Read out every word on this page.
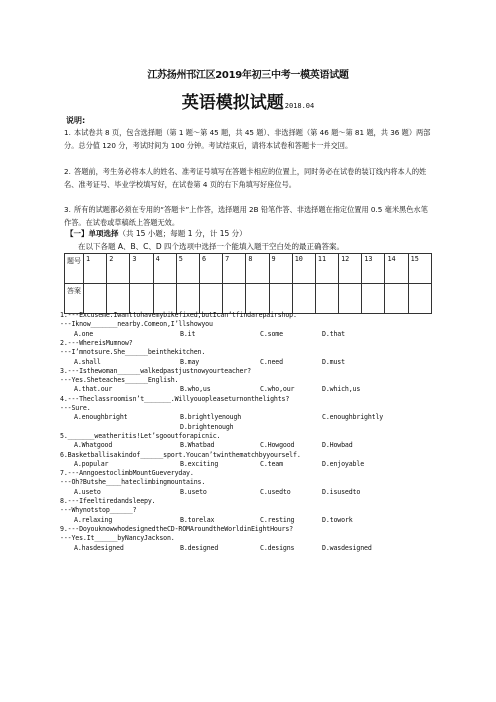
江苏扬州邗江区2019年初三中考一模英语试题
英语模拟试题2018.04
说明:
1. 本试卷共 8 页，包含选择题（第 1 题～第 45 题，共 45 题）、非选择题（第 46 题～第 81 题，共 36 题）两部分。总分值 120 分，考试时间为 100 分钟。考试结束后，请将本试卷和答题卡一并交回。
2. 答题前，考生务必将本人的姓名、准考证号填写在答题卡相应的位置上，同时务必在试卷的装订线内将本人的姓名、准考证号、毕业学校填写好，在试卷第 4 页的右下角填写好座位号。
3. 所有的试题都必须在专用的“答题卡”上作答，选择题用 2B 铅笔作答、非选择题在指定位置用 0.5 毫米黑色水笔作答。在试卷或草稿纸上答题无效。
【一】单项选择（共 15 小题；每题 1 分，计 15 分）
在以下各题 A、B、C、D 四个选项中选择一个能填入题干空白处的最正确答案。
题号	1	2	3	4	5	6	7	8	9	10	11	12	13	14	15
答案															
1.---Excuseme.Iwanttohavemybikefixed,butIcan’tfindarepairshop.
---Iknow_______nearby.Comeon,I’llshowyou
A.one	B.it	C.some	D.that
2.---WhereisMumnow?
---I’mnotsure.She______beinthekitchen.
A.shall	B.may	C.need	D.must
3.---Isthewoman______walkedpastjustnowyourteacher?
---Yes.Sheteaches______English.
A.that.our	B.who,us	C.who,our	D.which,us
4.---Theclassroomisn’t_______.Willyouopleaseturnonthelights?
---Sure.
A.enoughbright	B.brightlyenough	C.enoughbrightly
D.brightenough
5._______weatheritis!Let’sgooutforapicnic.
A.Whatgood	B.Whatbad	C.Howgood	D.Howbad
6.Basketballisakindof______sport.Youcan’twinthematchbyyourself.
A.popular	B.exciting	C.team	D.enjoyable
7.---AnngoestoclimbMountGueveryday.
---Oh?Butshe____hateclimbingmountains.
A.useto	B.useto	C.usedto	D.isusedto
8.---Ifeeltiredandsleepy.
---Whynotstop______?
A.relaxing	B.torelax	C.resting	D.towork
9.---DoyouknowwhodesignedtheCD-ROMAroundtheWorldinEightHours?
---Yes.It______byNancyJackson.
A.hasdesigned	B.designed	C.designs	D.wasdesigned
